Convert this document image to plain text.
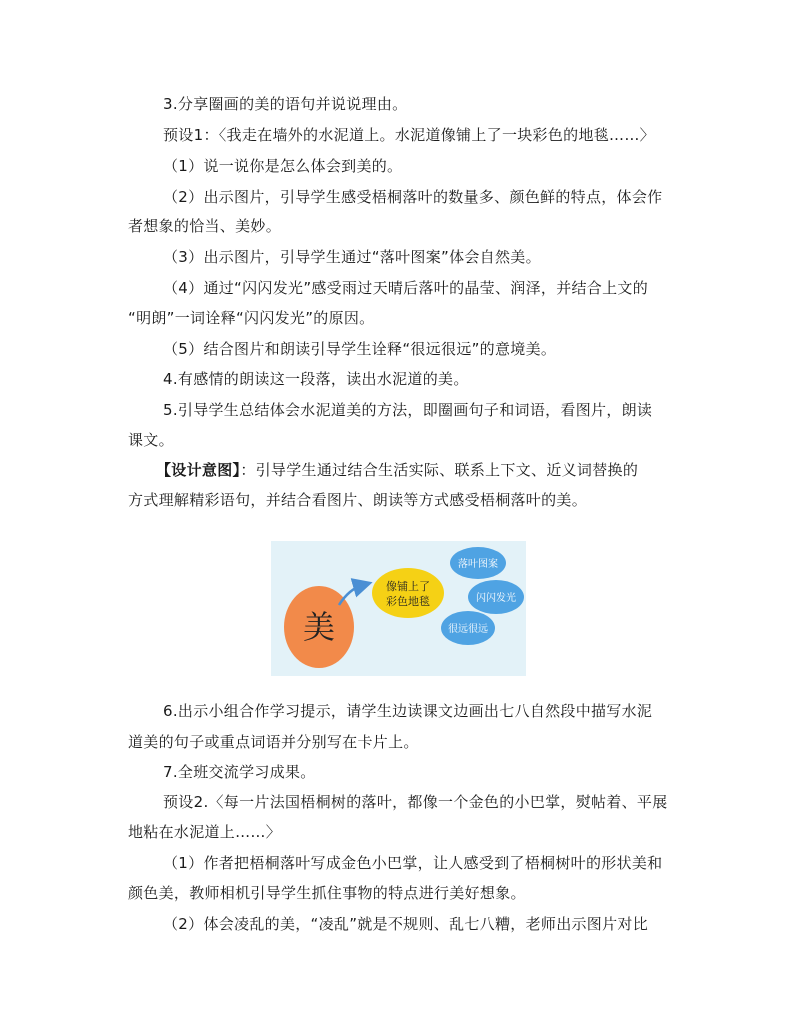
3.分享圈画的美的语句并说说理由。
预设1：〈我走在墙外的水泥道上。水泥道像铺上了一块彩色的地毯……〉
（1）说一说你是怎么体会到美的。
（2）出示图片，引导学生感受梧桐落叶的数量多、颜色鲜的特点，体会作
者想象的恰当、美妙。
（3）出示图片，引导学生通过“落叶图案”体会自然美。
（4）通过“闪闪发光”感受雨过天晴后落叶的晶莹、润泽，并结合上文的
“明朗”一词诠释“闪闪发光”的原因。
（5）结合图片和朗读引导学生诠释“很远很远”的意境美。
4.有感情的朗读这一段落，读出水泥道的美。
5.引导学生总结体会水泥道美的方法，即圈画句子和词语，看图片，朗读
课文。
【设计意图】：引导学生通过结合生活实际、联系上下文、近义词替换的
方式理解精彩语句，并结合看图片、朗读等方式感受梧桐落叶的美。
美
像铺上了
彩色地毯
落叶图案
闪闪发光
很远很远
6.出示小组合作学习提示，请学生边读课文边画出七八自然段中描写水泥
道美的句子或重点词语并分别写在卡片上。
7.全班交流学习成果。
预设2.〈每一片法国梧桐树的落叶，都像一个金色的小巴掌，熨帖着、平展
地粘在水泥道上……〉
（1）作者把梧桐落叶写成金色小巴掌，让人感受到了梧桐树叶的形状美和
颜色美，教师相机引导学生抓住事物的特点进行美好想象。
（2）体会凌乱的美，“凌乱”就是不规则、乱七八糟，老师出示图片对比
